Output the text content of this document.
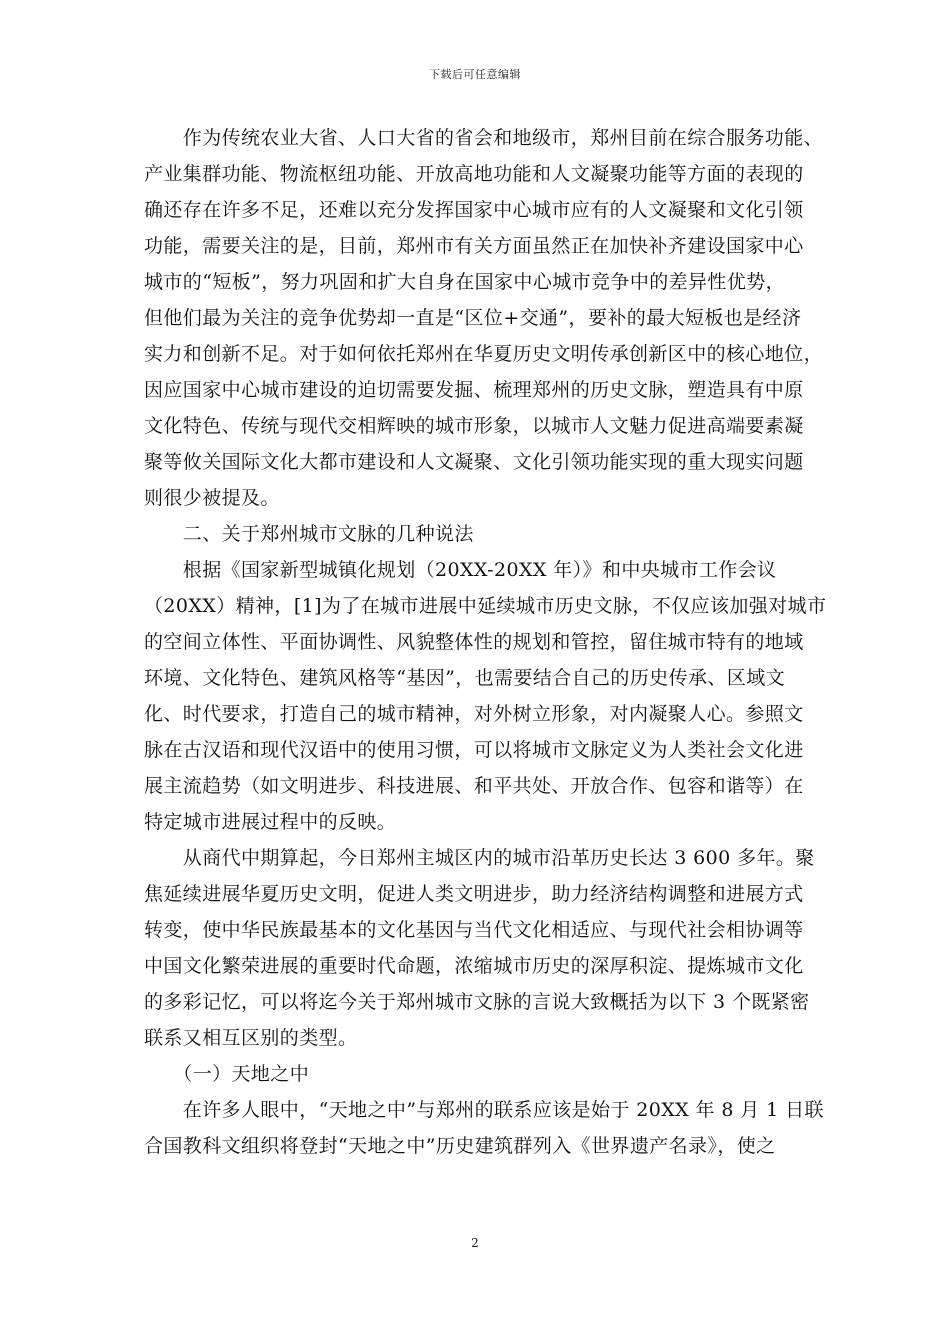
下载后可任意编辑
　　作为传统农业大省、人口大省的省会和地级市，郑州目前在综合服务功能、
产业集群功能、物流枢纽功能、开放高地功能和人文凝聚功能等方面的表现的
确还存在许多不足，还难以充分发挥国家中心城市应有的人文凝聚和文化引领
功能，需要关注的是，目前，郑州市有关方面虽然正在加快补齐建设国家中心
城市的“短板”，努力巩固和扩大自身在国家中心城市竞争中的差异性优势，
但他们最为关注的竞争优势却一直是“区位+交通”，要补的最大短板也是经济
实力和创新不足。对于如何依托郑州在华夏历史文明传承创新区中的核心地位，
因应国家中心城市建设的迫切需要发掘、梳理郑州的历史文脉，塑造具有中原
文化特色、传统与现代交相辉映的城市形象，以城市人文魅力促进高端要素凝
聚等攸关国际文化大都市建设和人文凝聚、文化引领功能实现的重大现实问题
则很少被提及。
　　二、关于郑州城市文脉的几种说法
　　根据《国家新型城镇化规划（20XX-20XX 年）》和中央城市工作会议
（20XX）精神，[1]为了在城市进展中延续城市历史文脉，不仅应该加强对城市
的空间立体性、平面协调性、风貌整体性的规划和管控，留住城市特有的地域
环境、文化特色、建筑风格等“基因”，也需要结合自己的历史传承、区域文
化、时代要求，打造自己的城市精神，对外树立形象，对内凝聚人心。参照文
脉在古汉语和现代汉语中的使用习惯，可以将城市文脉定义为人类社会文化进
展主流趋势（如文明进步、科技进展、和平共处、开放合作、包容和谐等）在
特定城市进展过程中的反映。
　　从商代中期算起，今日郑州主城区内的城市沿革历史长达 3 600 多年。聚
焦延续进展华夏历史文明，促进人类文明进步，助力经济结构调整和进展方式
转变，使中华民族最基本的文化基因与当代文化相适应、与现代社会相协调等
中国文化繁荣进展的重要时代命题，浓缩城市历史的深厚积淀、提炼城市文化
的多彩记忆，可以将迄今关于郑州城市文脉的言说大致概括为以下 3 个既紧密
联系又相互区别的类型。
　　（一）天地之中
　　在许多人眼中，“天地之中”与郑州的联系应该是始于 20XX 年 8 月 1 日联
合国教科文组织将登封“天地之中”历史建筑群列入《世界遗产名录》，使之
2
